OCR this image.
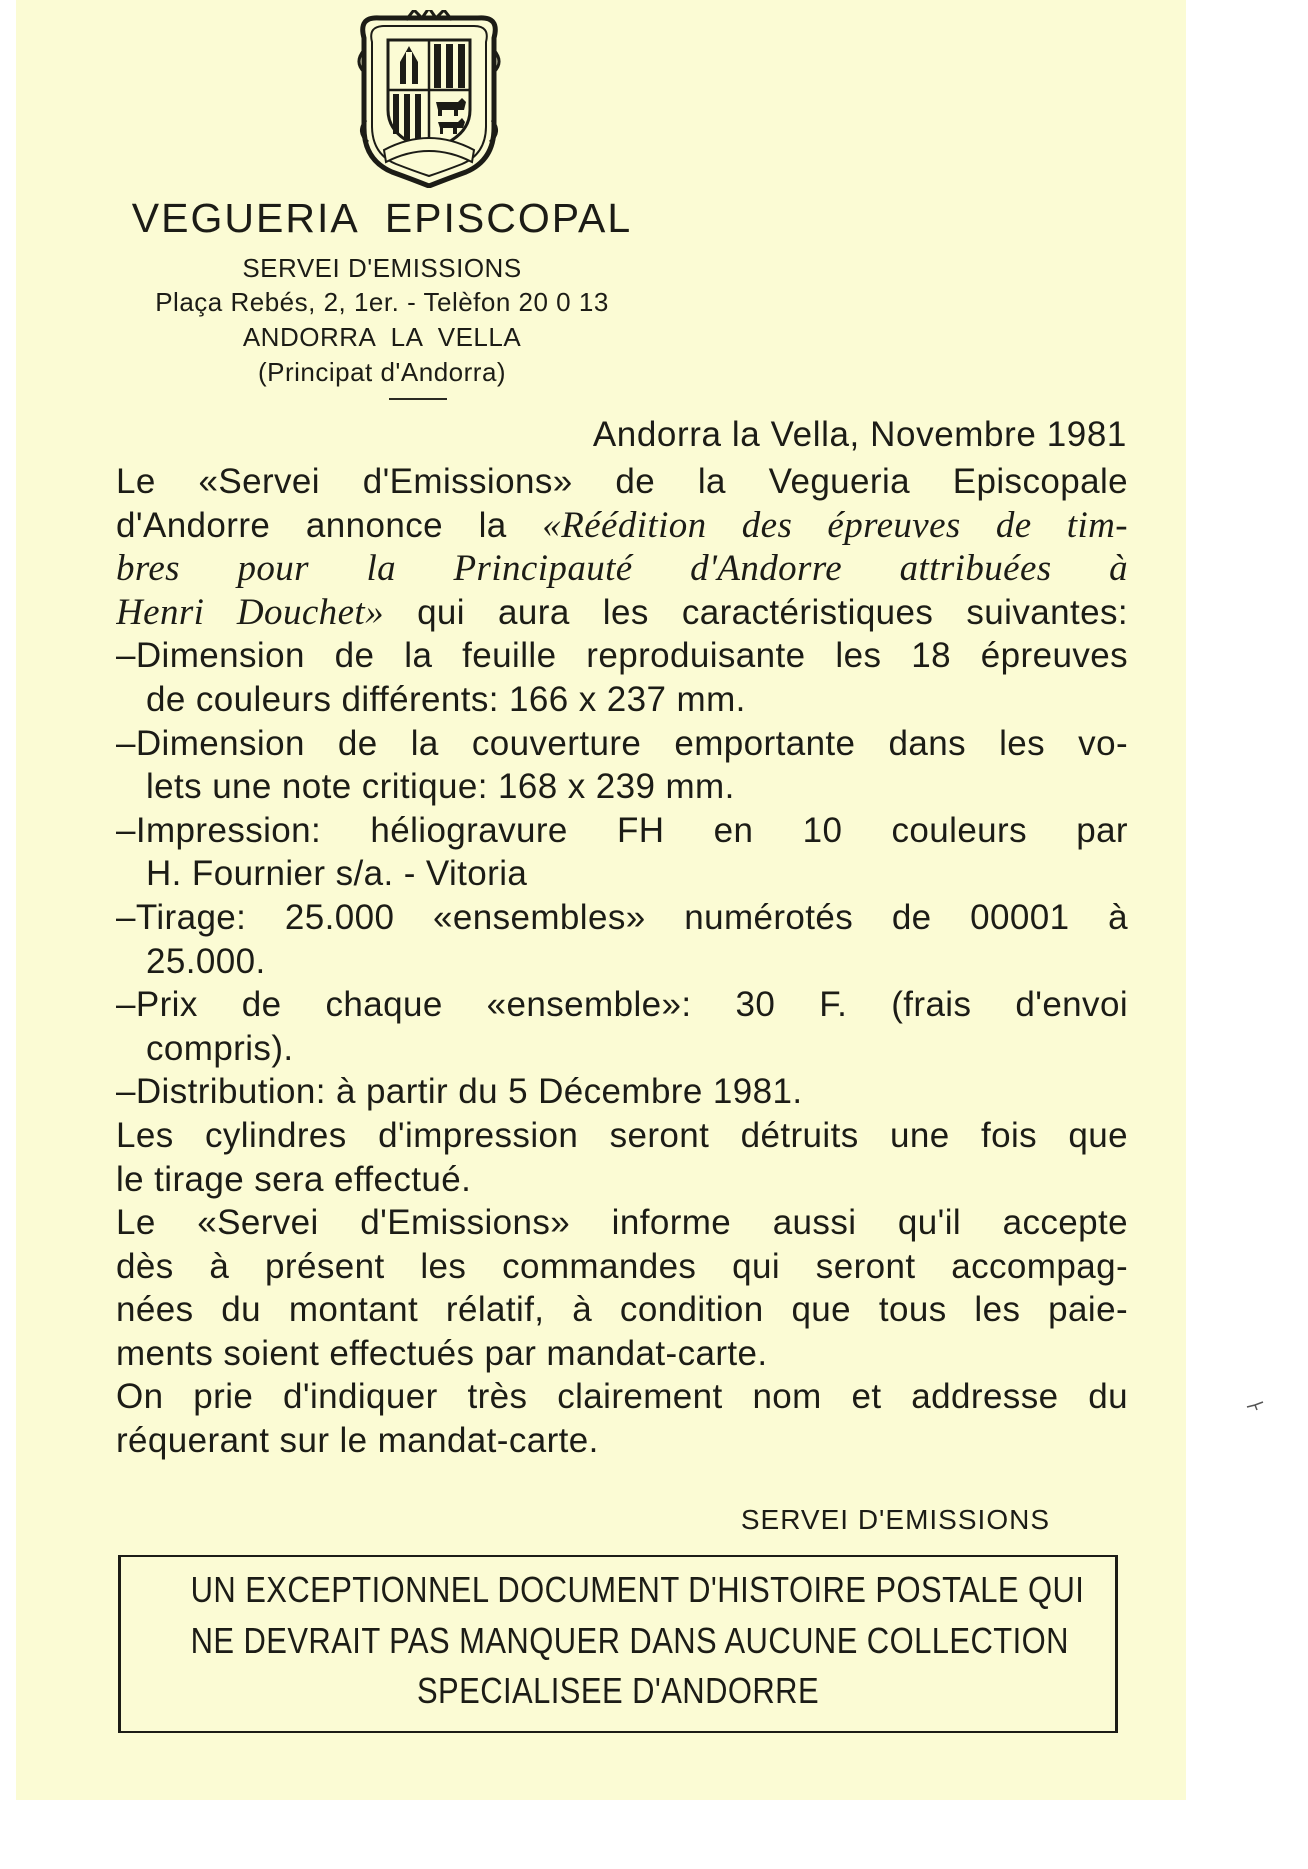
VEGUERIA EPISCOPAL
SERVEI D'EMISSIONS
Plaça Rebés, 2, 1er. - Telèfon 20 0 13
ANDORRA LA VELLA
(Principat d'Andorra)
Andorra la Vella, Novembre 1981
Le «Servei d'Emissions» de la Vegueria Episcopale
d'Andorre annonce la «Réédition des épreuves de tim-
bres pour la Principauté d'Andorre attribuées à
Henri Douchet» qui aura les caractéristiques suivantes:
–Dimension de la feuille reproduisante les 18 épreuves
de couleurs différents: 166 x 237 mm.
–Dimension de la couverture emportante dans les vo-
lets une note critique: 168 x 239 mm.
–Impression: héliogravure FH en 10 couleurs par
H. Fournier s/a. - Vitoria
–Tirage: 25.000 «ensembles» numérotés de 00001 à
25.000.
–Prix de chaque «ensemble»: 30 F. (frais d'envoi
compris).
–Distribution: à partir du 5 Décembre 1981.
Les cylindres d'impression seront détruits une fois que
le tirage sera effectué.
Le «Servei d'Emissions» informe aussi qu'il accepte
dès à présent les commandes qui seront accompag-
nées du montant rélatif, à condition que tous les paie-
ments soient effectués par mandat-carte.
On prie d'indiquer très clairement nom et addresse du
réquerant sur le mandat-carte.
SERVEI D'EMISSIONS
UN EXCEPTIONNEL DOCUMENT D'HISTOIRE POSTALE QUI
NE DEVRAIT PAS MANQUER DANS AUCUNE COLLECTION
SPECIALISEE D'ANDORRE
